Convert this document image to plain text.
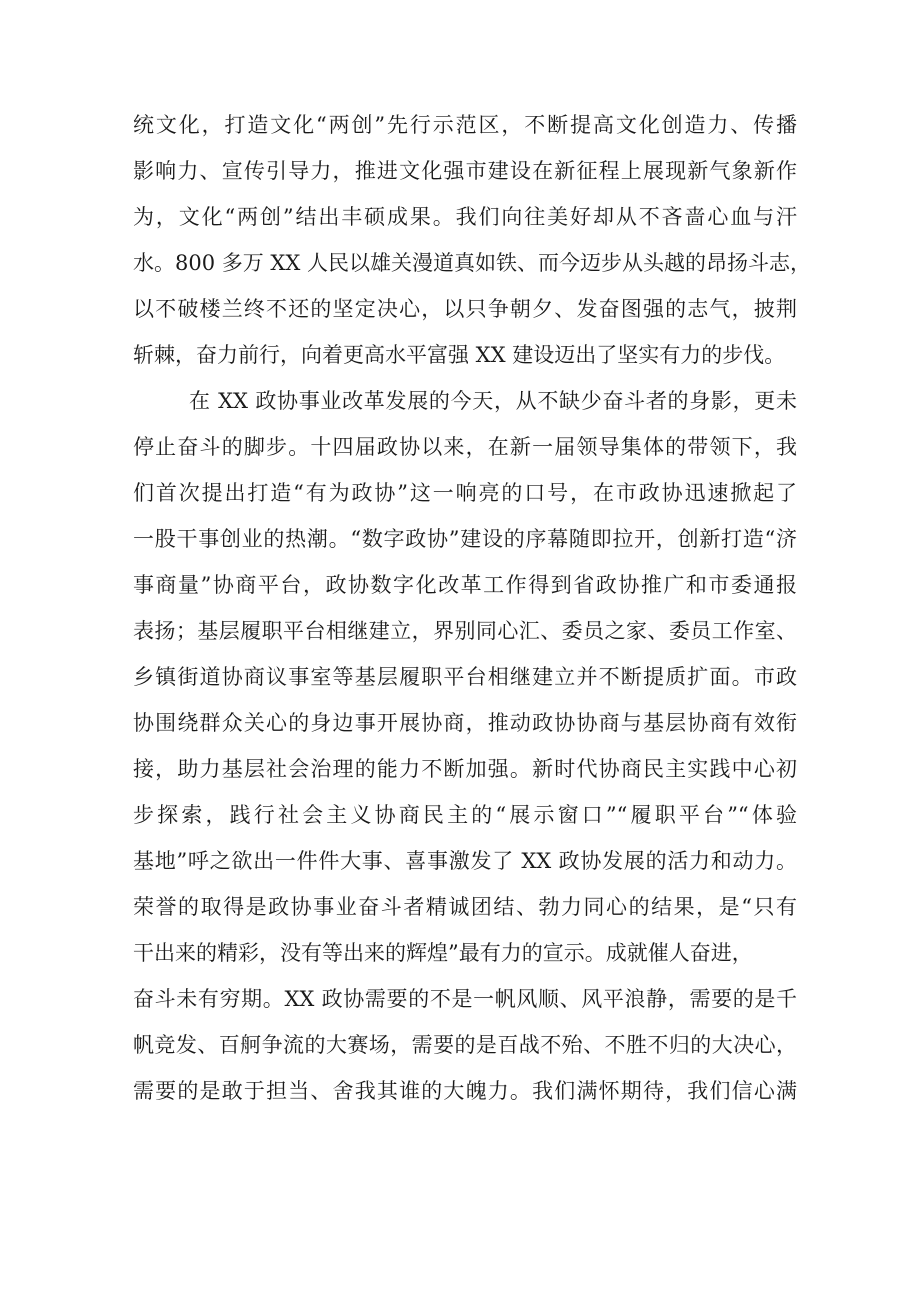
统文化，打造文化“两创”先行示范区，不断提高文化创造力、传播
影响力、宣传引导力，推进文化强市建设在新征程上展现新气象新作
为，文化“两创”结出丰硕成果。我们向往美好却从不吝啬心血与汗
水。800 多万 XX 人民以雄关漫道真如铁、而今迈步从头越的昂扬斗志，
以不破楼兰终不还的坚定决心，以只争朝夕、发奋图强的志气，披荆
斩棘，奋力前行，向着更高水平富强 XX 建设迈出了坚实有力的步伐。
在 XX 政协事业改革发展的今天，从不缺少奋斗者的身影，更未
停止奋斗的脚步。十四届政协以来，在新一届领导集体的带领下，我
们首次提出打造“有为政协”这一响亮的口号，在市政协迅速掀起了
一股干事创业的热潮。“数字政协”建设的序幕随即拉开，创新打造“济
事商量”协商平台，政协数字化改革工作得到省政协推广和市委通报
表扬；基层履职平台相继建立，界别同心汇、委员之家、委员工作室、
乡镇街道协商议事室等基层履职平台相继建立并不断提质扩面。市政
协围绕群众关心的身边事开展协商，推动政协协商与基层协商有效衔
接，助力基层社会治理的能力不断加强。新时代协商民主实践中心初
步探索，践行社会主义协商民主的“展示窗口”“履职平台”“体验
基地”呼之欲出一件件大事、喜事激发了 XX 政协发展的活力和动力。
荣誉的取得是政协事业奋斗者精诚团结、勃力同心的结果，是“只有
干出来的精彩，没有等出来的辉煌”最有力的宣示。成就催人奋进，
奋斗未有穷期。XX 政协需要的不是一帆风顺、风平浪静，需要的是千
帆竞发、百舸争流的大赛场，需要的是百战不殆、不胜不归的大决心，
需要的是敢于担当、舍我其谁的大魄力。我们满怀期待，我们信心满
